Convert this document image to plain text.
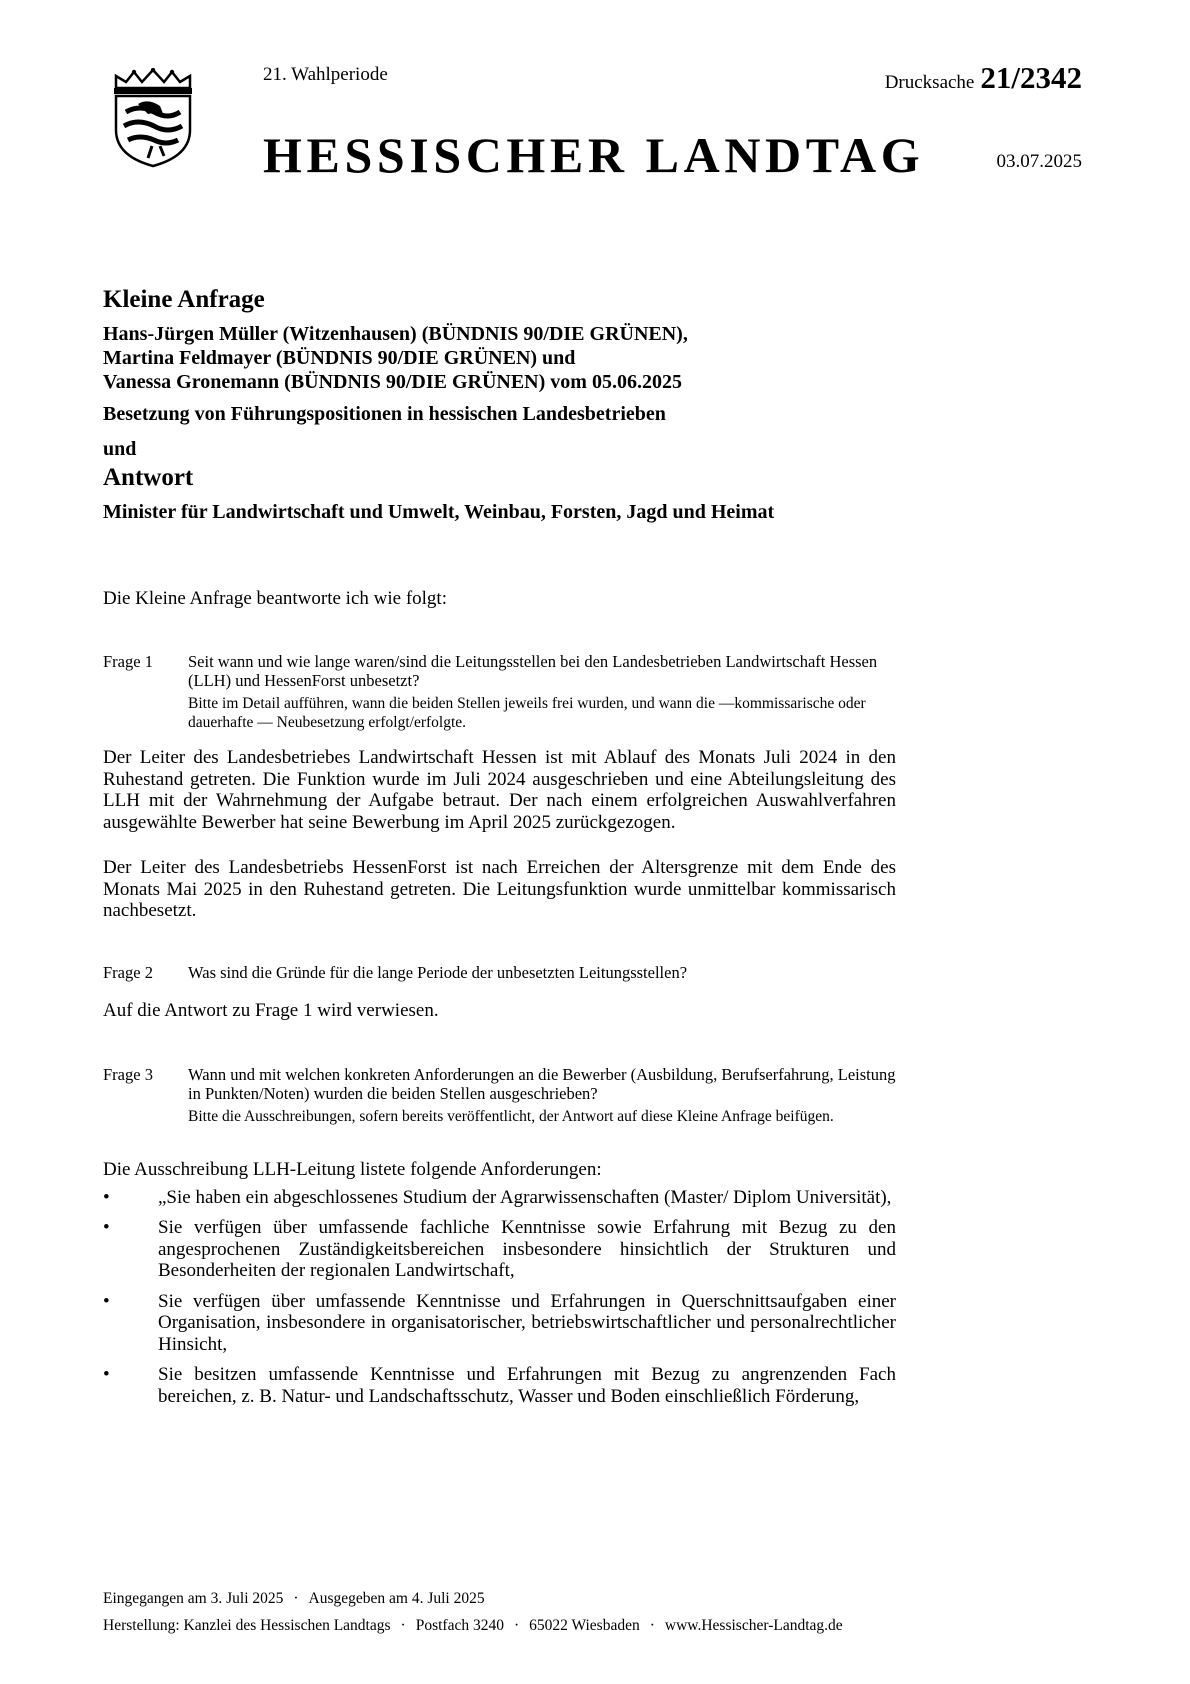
21. Wahlperiode	Drucksache 21/2342
HESSISCHER LANDTAG	03.07.2025
Kleine Anfrage
Hans-Jürgen Müller (Witzenhausen) (BÜNDNIS 90/DIE GRÜNEN),
Martina Feldmayer (BÜNDNIS 90/DIE GRÜNEN) und
Vanessa Gronemann (BÜNDNIS 90/DIE GRÜNEN) vom 05.06.2025
Besetzung von Führungspositionen in hessischen Landesbetrieben
und
Antwort
Minister für Landwirtschaft und Umwelt, Weinbau, Forsten, Jagd und Heimat
Die Kleine Anfrage beantworte ich wie folgt:
Frage 1 Seit wann und wie lange waren/sind die Leitungsstellen bei den Landesbetrieben Landwirtschaft Hessen (LLH) und HessenForst unbesetzt?

Bitte im Detail aufführen, wann die beiden Stellen jeweils frei wurden, und wann die —kommissarische oder dauerhafte — Neubesetzung erfolgt/erfolgte.

Der Leiter des Landesbetriebes Landwirtschaft Hessen ist mit Ablauf des Monats Juli 2024 in den Ruhestand getreten. Die Funktion wurde im Juli 2024 ausgeschrieben und eine Abteilungsleitung des LLH mit der Wahrnehmung der Aufgabe betraut. Der nach einem erfolgreichen Auswahlverfahren ausgewählte Bewerber hat seine Bewerbung im April 2025 zurückgezogen.

Der Leiter des Landesbetriebs HessenForst ist nach Erreichen der Altersgrenze mit dem Ende des Monats Mai 2025 in den Ruhestand getreten. Die Leitungsfunktion wurde unmittelbar kommissarisch nachbesetzt.

Frage 2 Was sind die Gründe für die lange Periode der unbesetzten Leitungsstellen?

Auf die Antwort zu Frage 1 wird verwiesen.

Frage 3 Wann und mit welchen konkreten Anforderungen an die Bewerber (Ausbildung, Berufserfahrung, Leistung in Punkten/Noten) wurden die beiden Stellen ausgeschrieben?

Bitte die Ausschreibungen, sofern bereits veröffentlicht, der Antwort auf diese Kleine Anfrage beifügen.

Die Ausschreibung LLH-Leitung listete folgende Anforderungen:

•	„Sie haben ein abgeschlossenes Studium der Agrarwissenschaften (Master/ Diplom Universität),
•	Sie verfügen über umfassende fachliche Kenntnisse sowie Erfahrung mit Bezug zu den angesprochenen Zuständigkeitsbereichen insbesondere hinsichtlich der Strukturen und Besonderheiten der regionalen Landwirtschaft,
•	Sie verfügen über umfassende Kenntnisse und Erfahrungen in Querschnittsaufgaben einer Organisation, insbesondere in organisatorischer, betriebswirtschaftlicher und personalrechtlicher Hinsicht,
•	Sie besitzen umfassende Kenntnisse und Erfahrungen mit Bezug zu angrenzenden Fach bereichen, z. B. Natur- und Landschaftsschutz, Wasser und Boden einschließlich Förderung,
Eingegangen am 3. Juli 2025 · Ausgegeben am 4. Juli 2025
Herstellung: Kanzlei des Hessischen Landtags · Postfach 3240 · 65022 Wiesbaden · www.Hessischer-Landtag.de
